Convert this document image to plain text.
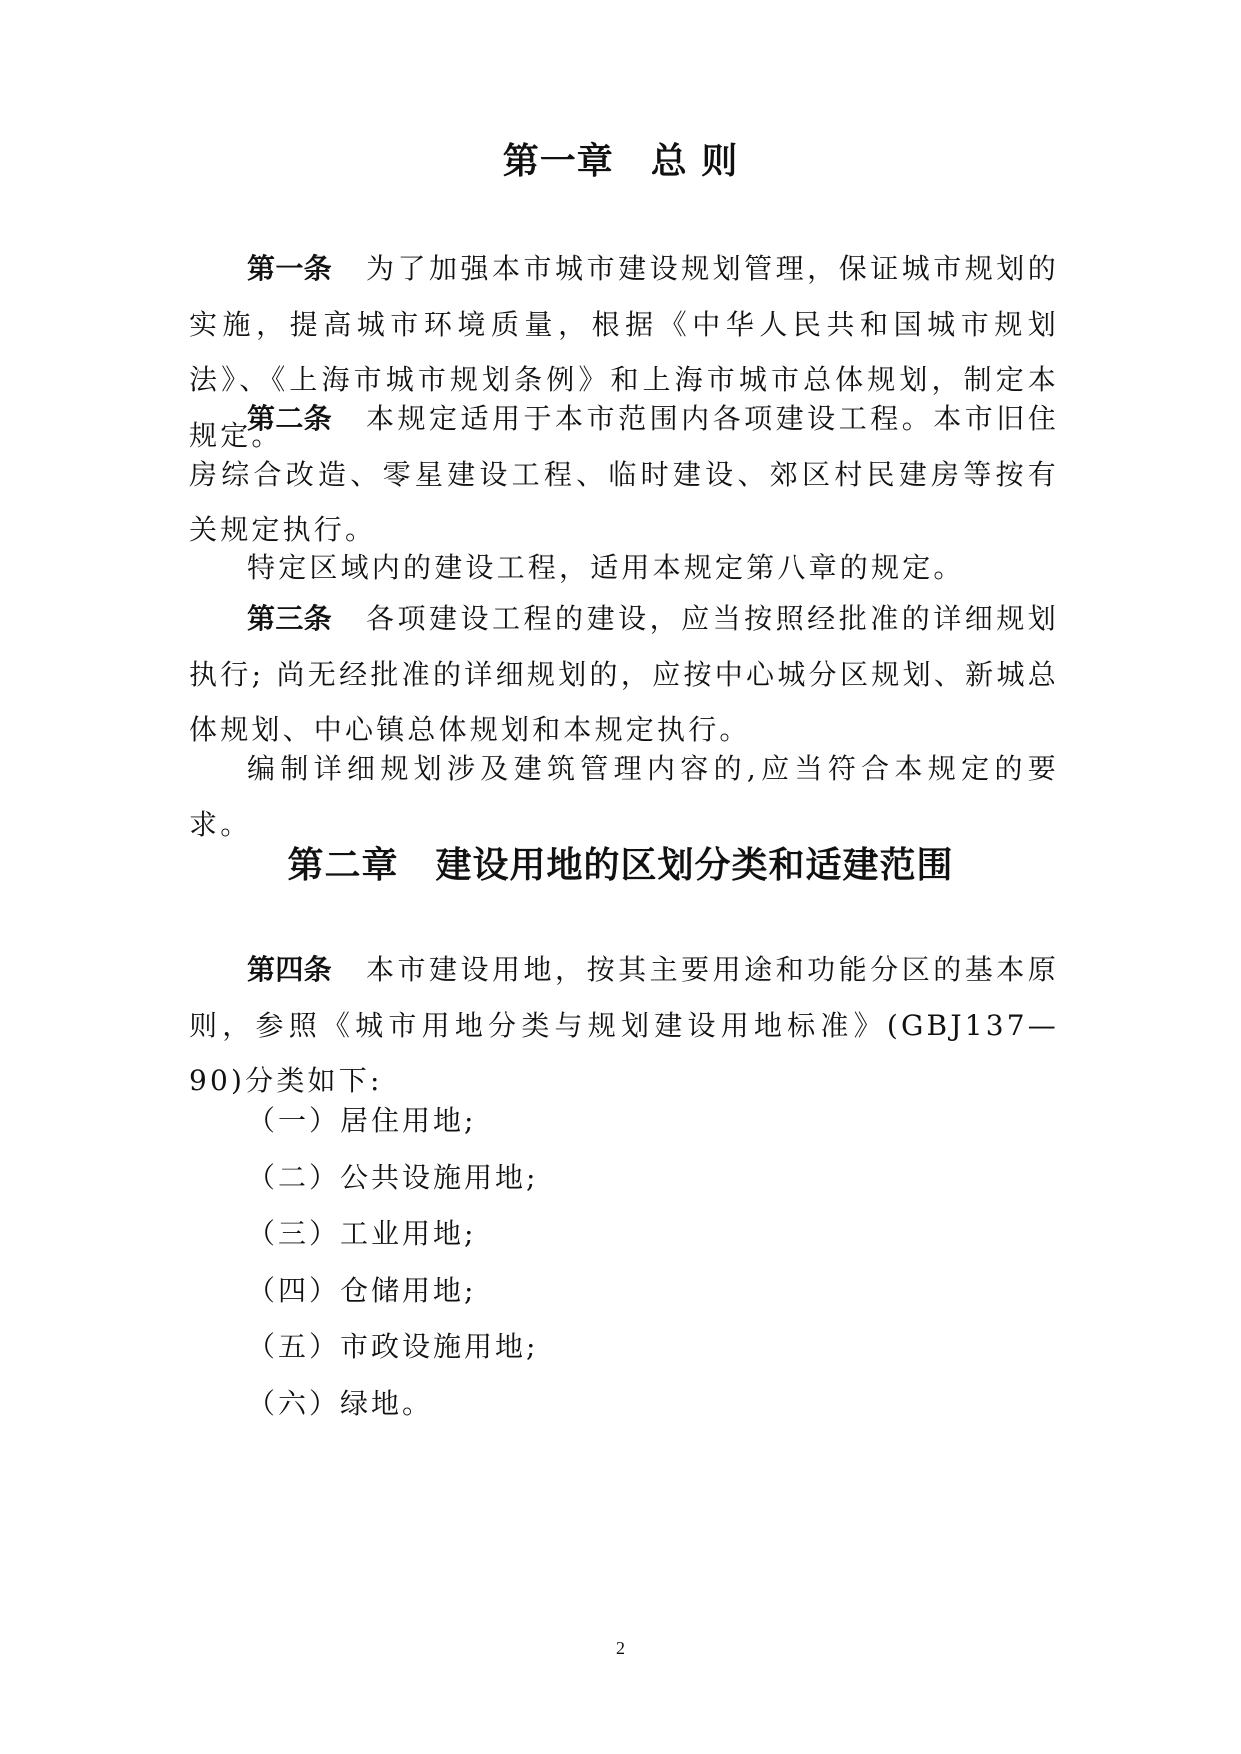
第一章　总 则

第一条 为了加强本市城市建设规划管理，保证城市规划的实施，提高城市环境质量，根据《中华人民共和国城市规划法》、《上海市城市规划条例》和上海市城市总体规划，制定本规定。

第二条 本规定适用于本市范围内各项建设工程。本市旧住房综合改造、零星建设工程、临时建设、郊区村民建房等按有关规定执行。

特定区域内的建设工程，适用本规定第八章的规定。

第三条 各项建设工程的建设，应当按照经批准的详细规划执行; 尚无经批准的详细规划的，应按中心城分区规划、新城总体规划、中心镇总体规划和本规定执行。

编制详细规划涉及建筑管理内容的,应当符合本规定的要求。

第二章　建设用地的区划分类和适建范围

第四条 本市建设用地，按其主要用途和功能分区的基本原则，参照《城市用地分类与规划建设用地标准》(GBJ137—90)分类如下:

（一）居住用地;
（二）公共设施用地;
（三）工业用地;
（四）仓储用地;
（五）市政设施用地;
（六）绿地。
2
